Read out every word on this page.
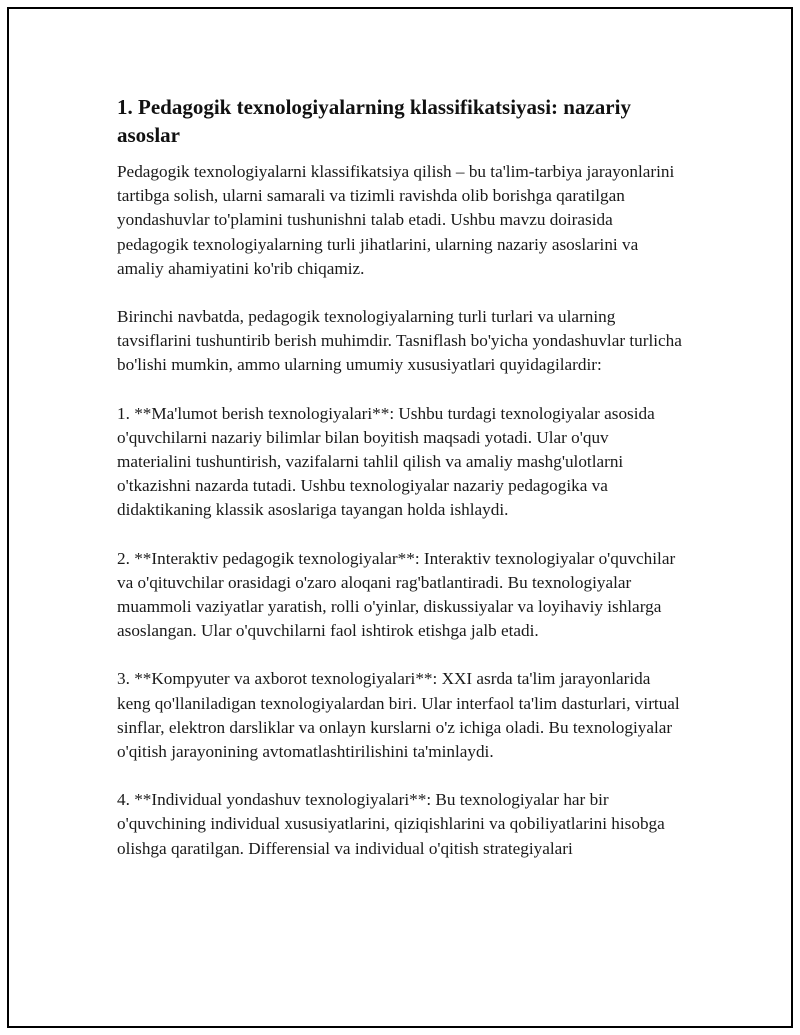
1. Pedagogik texnologiyalarning klassifikatsiyasi: nazariy asoslar

Pedagogik texnologiyalarni klassifikatsiya qilish – bu ta'lim-tarbiya jarayonlarini tartibga solish, ularni samarali va tizimli ravishda olib borishga qaratilgan yondashuvlar to'plamini tushunishni talab etadi. Ushbu mavzu doirasida pedagogik texnologiyalarning turli jihatlarini, ularning nazariy asoslarini va amaliy ahamiyatini ko'rib chiqamiz.

Birinchi navbatda, pedagogik texnologiyalarning turli turlari va ularning tavsiflarini tushuntirib berish muhimdir. Tasniflash bo'yicha yondashuvlar turlicha bo'lishi mumkin, ammo ularning umumiy xususiyatlari quyidagilardir:

1. **Ma'lumot berish texnologiyalari**: Ushbu turdagi texnologiyalar asosida o'quvchilarni nazariy bilimlar bilan boyitish maqsadi yotadi. Ular o'quv materialini tushuntirish, vazifalarni tahlil qilish va amaliy mashg'ulotlarni o'tkazishni nazarda tutadi. Ushbu texnologiyalar nazariy pedagogika va didaktikaning klassik asoslariga tayangan holda ishlaydi.

2. **Interaktiv pedagogik texnologiyalar**: Interaktiv texnologiyalar o'quvchilar va o'qituvchilar orasidagi o'zaro aloqani rag'batlantiradi. Bu texnologiyalar muammoli vaziyatlar yaratish, rolli o'yinlar, diskussiyalar va loyihaviy ishlarga asoslangan. Ular o'quvchilarni faol ishtirok etishga jalb etadi.

3. **Kompyuter va axborot texnologiyalari**: XXI asrda ta'lim jarayonlarida keng qo'llaniladigan texnologiyalardan biri. Ular interfaol ta'lim dasturlari, virtual sinflar, elektron darsliklar va onlayn kurslarni o'z ichiga oladi. Bu texnologiyalar o'qitish jarayonining avtomatlashtirilishini ta'minlaydi.

4. **Individual yondashuv texnologiyalari**: Bu texnologiyalar har bir o'quvchining individual xususiyatlarini, qiziqishlarini va qobiliyatlarini hisobga olishga qaratilgan. Differensial va individual o'qitish strategiyalari
